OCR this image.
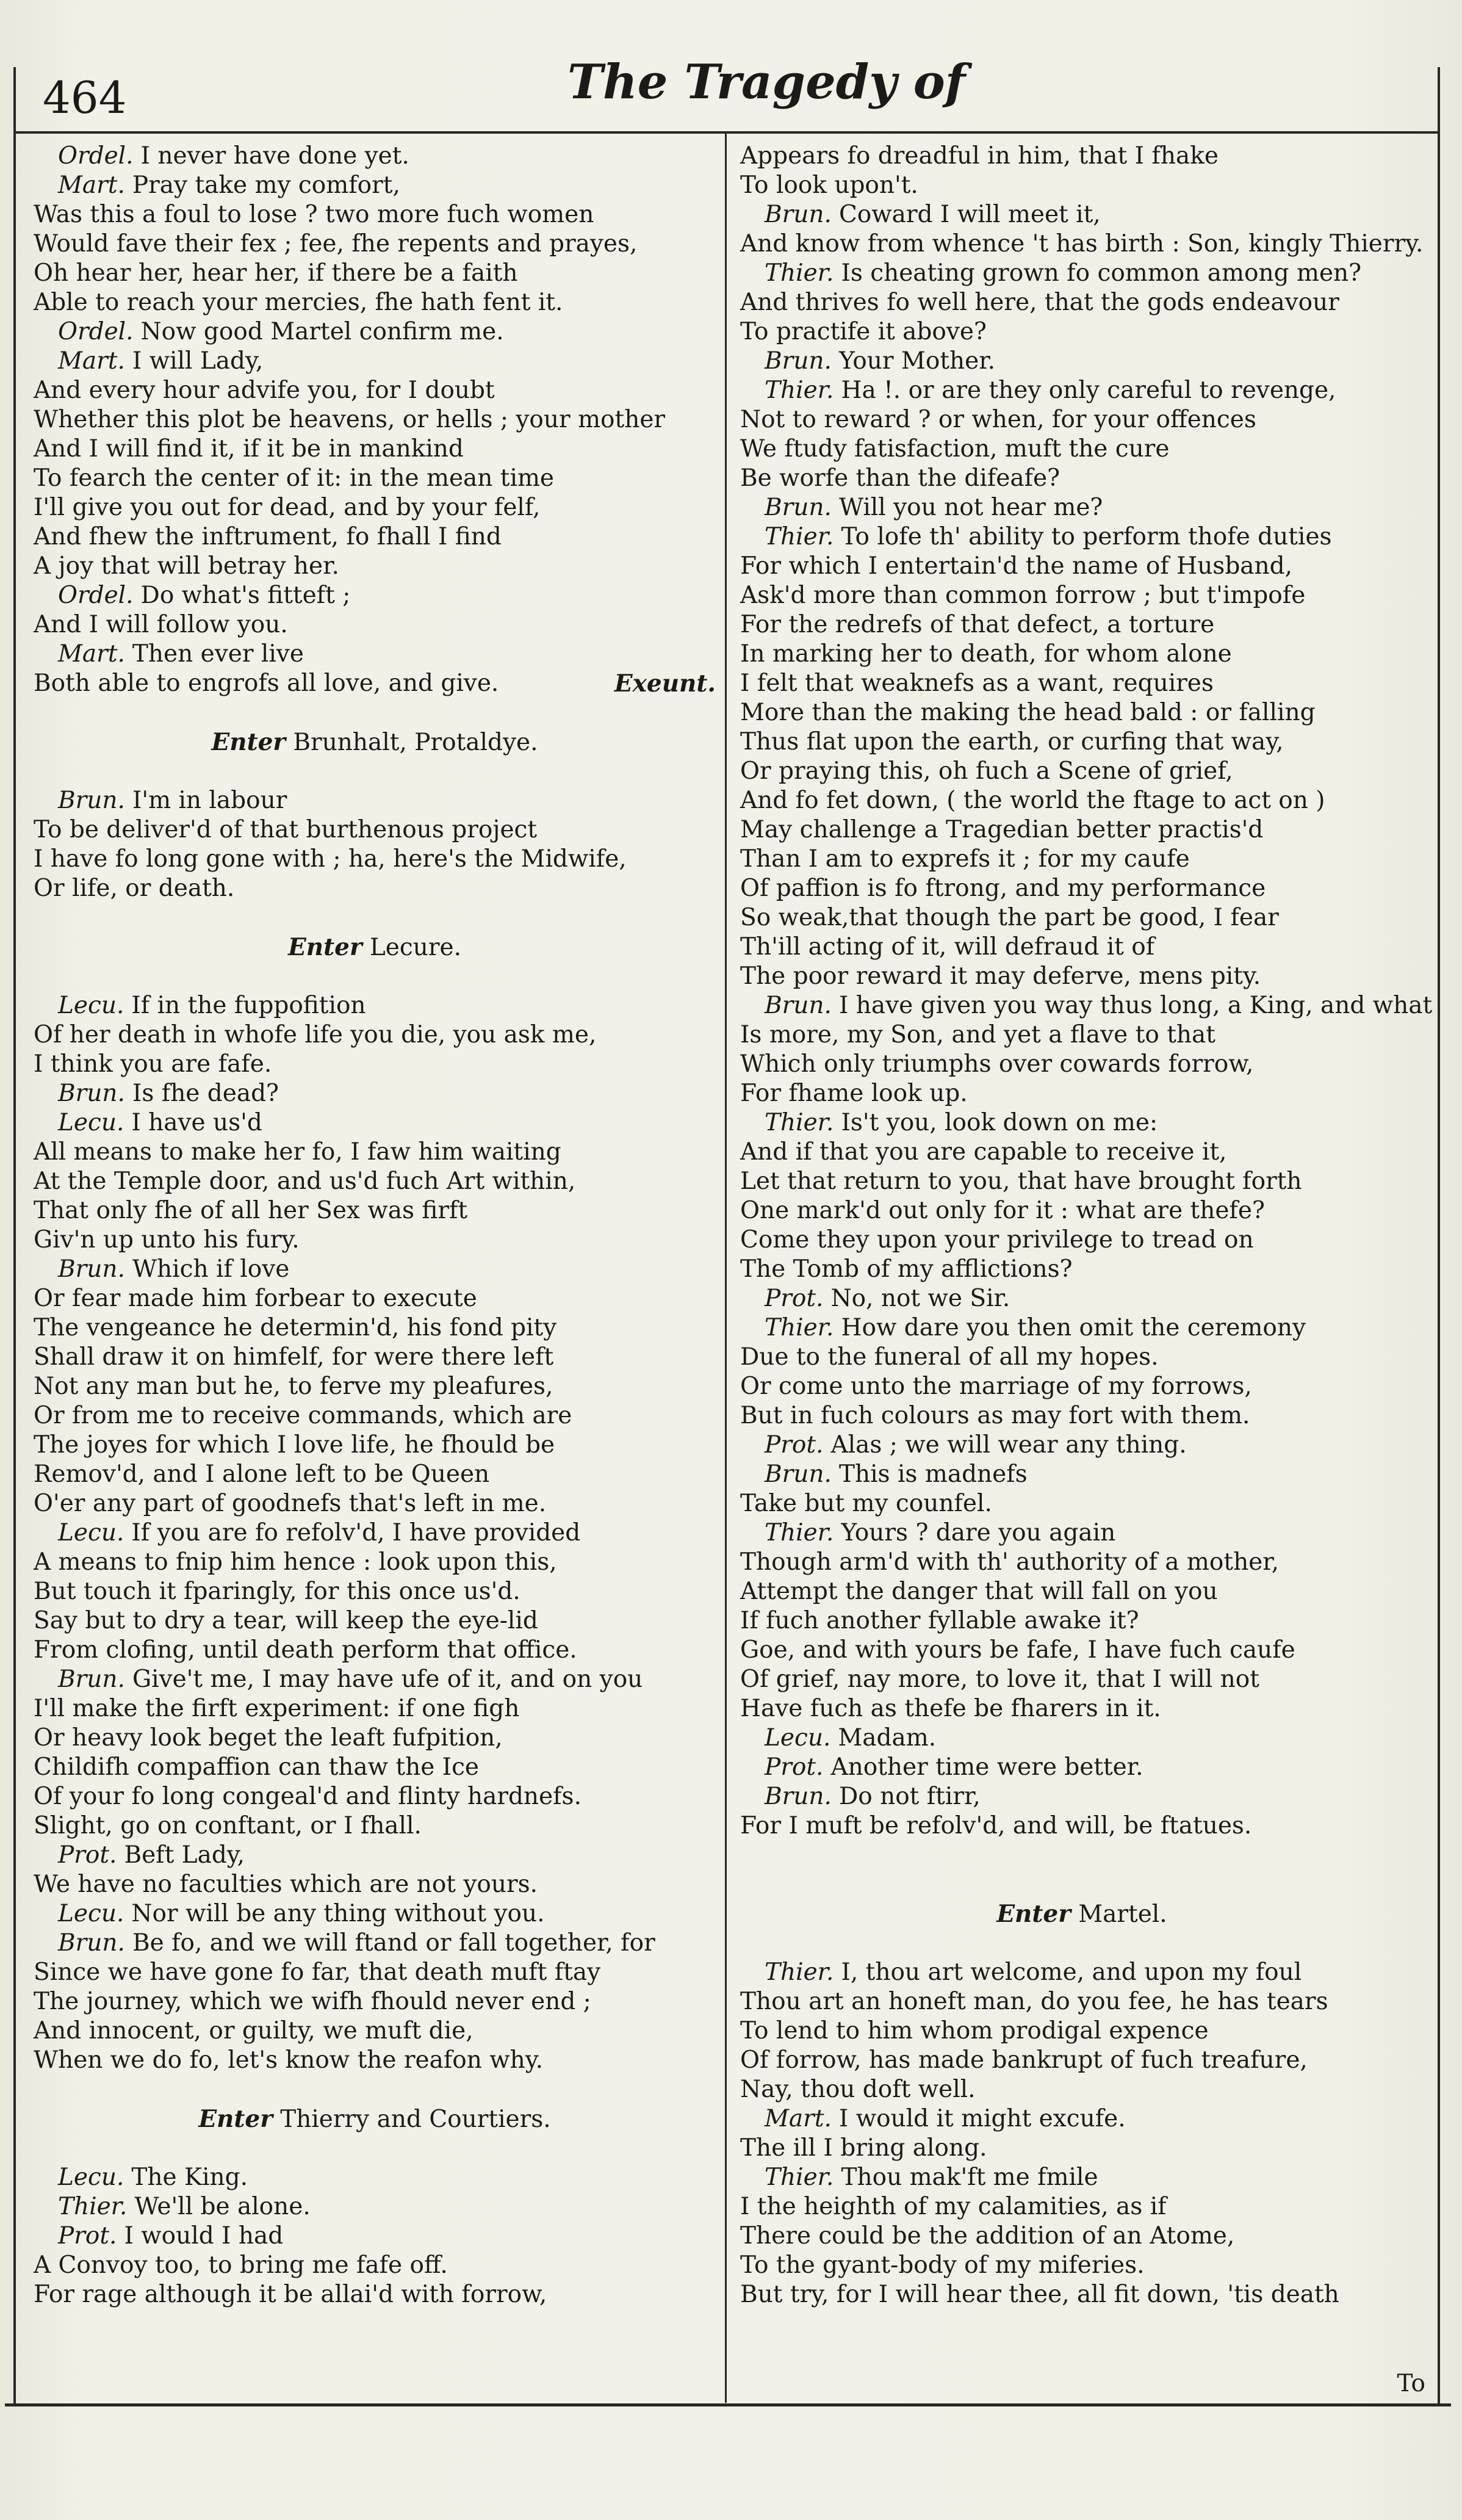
464	The Tragedy of
Ordel. I never have done yet.
Mart. Pray take my comfort,
Was this a foul to lose ? two more fuch women
Would fave their fex ; fee, fhe repents and prayes,
Oh hear her, hear her, if there be a faith
Able to reach your mercies, fhe hath fent it.
Ordel. Now good Martel confirm me.
Mart. I will Lady,
And every hour advife you, for I doubt
Whether this plot be heavens, or hells ; your mother
And I will find it, if it be in mankind
To fearch the center of it: in the mean time
I'll give you out for dead, and by your felf,
And fhew the inftrument, fo fhall I find
A joy that will betray her.
Ordel. Do what's fitteft ;
And I will follow you.
Mart. Then ever live
Both able to engrofs all love, and give.	Exeunt.
Enter Brunhalt, Protaldye.
Brun. I'm in labour
To be deliver'd of that burthenous project
I have fo long gone with ; ha, here's the Midwife,
Or life, or death.
Enter Lecure.
Lecu. If in the fuppofition
Of her death in whofe life you die, you ask me,
I think you are fafe.
Brun. Is fhe dead?
Lecu. I have us'd
All means to make her fo, I faw him waiting
At the Temple door, and us'd fuch Art within,
That only fhe of all her Sex was firft
Giv'n up unto his fury.
Brun. Which if love
Or fear made him forbear to execute
The vengeance he determin'd, his fond pity
Shall draw it on himfelf, for were there left
Not any man but he, to ferve my pleafures,
Or from me to receive commands, which are
The joyes for which I love life, he fhould be
Remov'd, and I alone left to be Queen
O'er any part of goodnefs that's left in me.
Lecu. If you are fo refolv'd, I have provided
A means to fnip him hence : look upon this,
But touch it fparingly, for this once us'd.
Say but to dry a tear, will keep the eye-lid
From clofing, until death perform that office.
Brun. Give't me, I may have ufe of it, and on you
I'll make the firft experiment: if one figh
Or heavy look beget the leaft fufpition,
Childifh compaffion can thaw the Ice
Of your fo long congeal'd and flinty hardnefs.
Slight, go on conftant, or I fhall.
Prot. Beft Lady,
We have no faculties which are not yours.
Lecu. Nor will be any thing without you.
Brun. Be fo, and we will ftand or fall together, for
Since we have gone fo far, that death muft ftay
The journey, which we wifh fhould never end ;
And innocent, or guilty, we muft die,
When we do fo, let's know the reafon why.
Enter Thierry and Courtiers.
Lecu. The King.
Thier. We'll be alone.
Prot. I would I had
A Convoy too, to bring me fafe off.
For rage although it be allai'd with forrow,
Appears fo dreadful in him, that I fhake
To look upon't.
Brun. Coward I will meet it,
And know from whence 't has birth : Son, kingly Thierry.
Thier. Is cheating grown fo common among men?
And thrives fo well here, that the gods endeavour
To practife it above?
Brun. Your Mother.
Thier. Ha !. or are they only careful to revenge,
Not to reward ? or when, for your offences
We ftudy fatisfaction, muft the cure
Be worfe than the difeafe?
Brun. Will you not hear me?
Thier. To lofe th' ability to perform thofe duties
For which I entertain'd the name of Husband,
Ask'd more than common forrow ; but t'impofe
For the redrefs of that defect, a torture
In marking her to death, for whom alone
I felt that weaknefs as a want, requires
More than the making the head bald : or falling
Thus flat upon the earth, or curfing that way,
Or praying this, oh fuch a Scene of grief,
And fo fet down, ( the world the ftage to act on )
May challenge a Tragedian better practis'd
Than I am to exprefs it ; for my caufe
Of paffion is fo ftrong, and my performance
So weak,that though the part be good, I fear
Th'ill acting of it, will defraud it of
The poor reward it may deferve, mens pity.
Brun. I have given you way thus long, a King, and what
Is more, my Son, and yet a flave to that
Which only triumphs over cowards forrow,
For fhame look up.
Thier. Is't you, look down on me:
And if that you are capable to receive it,
Let that return to you, that have brought forth
One mark'd out only for it : what are thefe?
Come they upon your privilege to tread on
The Tomb of my afflictions?
Prot. No, not we Sir.
Thier. How dare you then omit the ceremony
Due to the funeral of all my hopes.
Or come unto the marriage of my forrows,
But in fuch colours as may fort with them.
Prot. Alas ; we will wear any thing.
Brun. This is madnefs
Take but my counfel.
Thier. Yours ? dare you again
Though arm'd with th' authority of a mother,
Attempt the danger that will fall on you
If fuch another fyllable awake it?
Goe, and with yours be fafe, I have fuch caufe
Of grief, nay more, to love it, that I will not
Have fuch as thefe be fharers in it.
Lecu. Madam.
Prot. Another time were better.
Brun. Do not ftirr,
For I muft be refolv'd, and will, be ftatues.
Enter Martel.
Thier. I, thou art welcome, and upon my foul
Thou art an honeft man, do you fee, he has tears
To lend to him whom prodigal expence
Of forrow, has made bankrupt of fuch treafure,
Nay, thou doft well.
Mart. I would it might excufe.
The ill I bring along.
Thier. Thou mak'ft me fmile
I the heighth of my calamities, as if
There could be the addition of an Atome,
To the gyant-body of my miferies.
But try, for I will hear thee, all fit down, 'tis death
To
